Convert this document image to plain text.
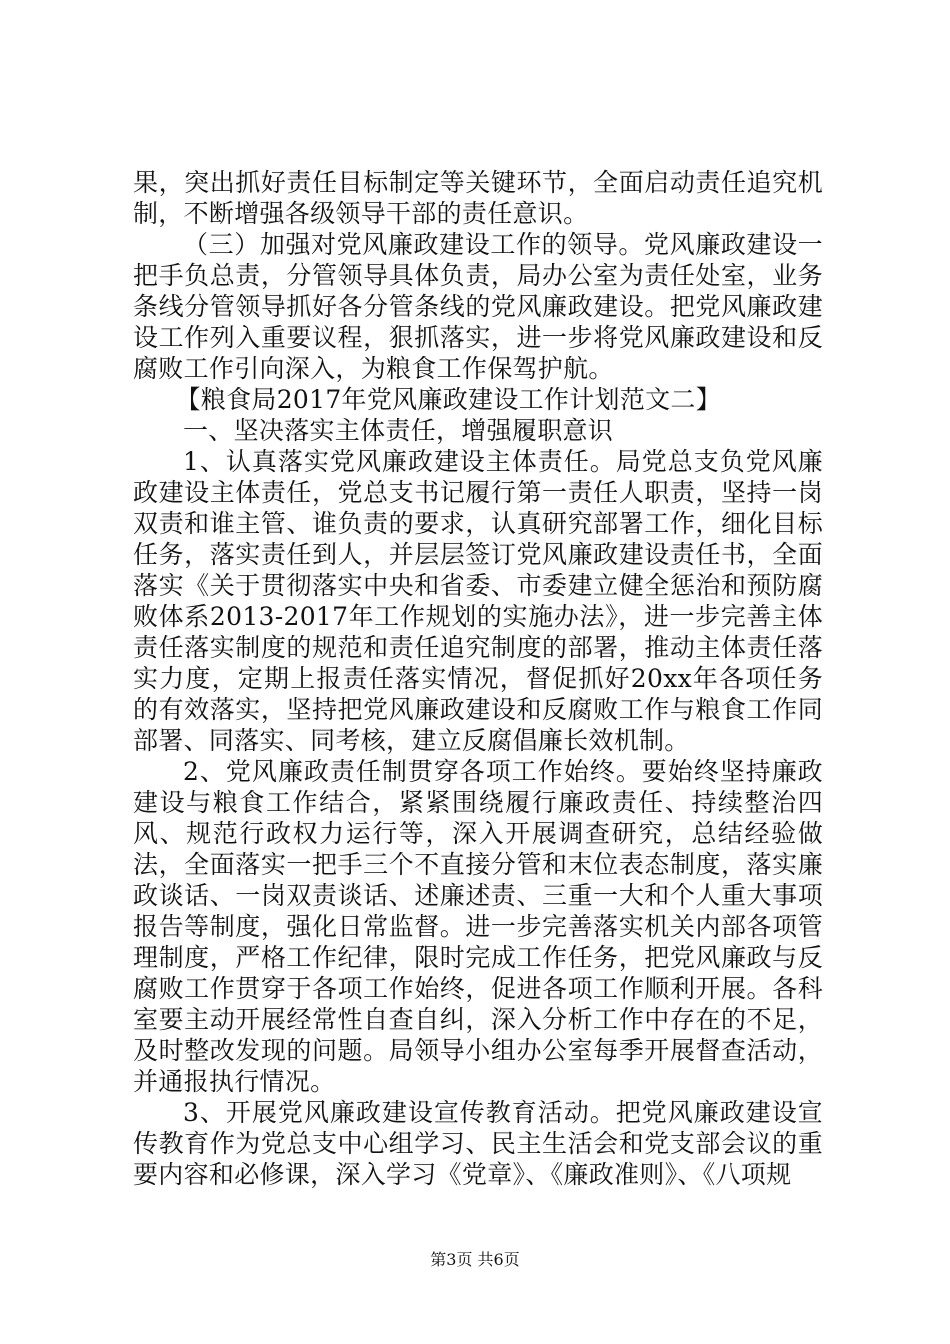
果，突出抓好责任目标制定等关键环节，全面启动责任追究机制，不断增强各级领导干部的责任意识。

（三）加强对党风廉政建设工作的领导。党风廉政建设一把手负总责，分管领导具体负责，局办公室为责任处室，业务条线分管领导抓好各分管条线的党风廉政建设。把党风廉政建设工作列入重要议程，狠抓落实，进一步将党风廉政建设和反腐败工作引向深入，为粮食工作保驾护航。

【粮食局2017年党风廉政建设工作计划范文二】

一、坚决落实主体责任，增强履职意识

1、认真落实党风廉政建设主体责任。局党总支负党风廉政建设主体责任，党总支书记履行第一责任人职责，坚持一岗双责和谁主管、谁负责的要求，认真研究部署工作，细化目标任务，落实责任到人，并层层签订党风廉政建设责任书，全面落实《关于贯彻落实中央和省委、市委建立健全惩治和预防腐败体系2013-2017年工作规划的实施办法》，进一步完善主体责任落实制度的规范和责任追究制度的部署，推动主体责任落实力度，定期上报责任落实情况，督促抓好20xx年各项任务的有效落实，坚持把党风廉政建设和反腐败工作与粮食工作同部署、同落实、同考核，建立反腐倡廉长效机制。

2、党风廉政责任制贯穿各项工作始终。要始终坚持廉政建设与粮食工作结合，紧紧围绕履行廉政责任、持续整治四风、规范行政权力运行等，深入开展调查研究，总结经验做法，全面落实一把手三个不直接分管和末位表态制度，落实廉政谈话、一岗双责谈话、述廉述责、三重一大和个人重大事项报告等制度，强化日常监督。进一步完善落实机关内部各项管理制度，严格工作纪律，限时完成工作任务，把党风廉政与反腐败工作贯穿于各项工作始终，促进各项工作顺利开展。各科室要主动开展经常性自查自纠，深入分析工作中存在的不足，及时整改发现的问题。局领导小组办公室每季开展督查活动，并通报执行情况。

3、开展党风廉政建设宣传教育活动。把党风廉政建设宣传教育作为党总支中心组学习、民主生活会和党支部会议的重要内容和必修课，深入学习《党章》、《廉政准则》、《八项规

第3页 共6页
